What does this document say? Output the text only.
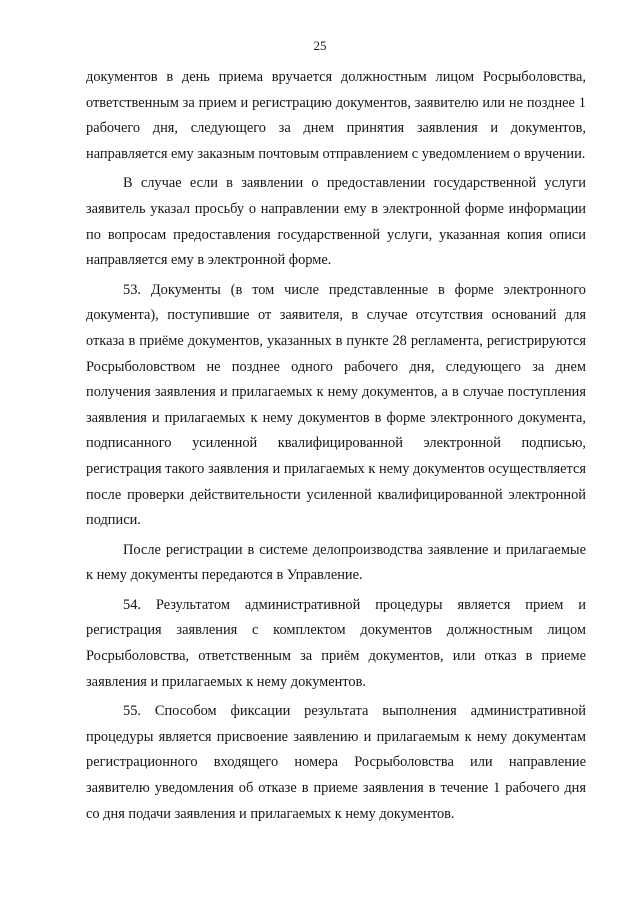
25

документов в день приема вручается должностным лицом Росрыболовства, ответственным за прием и регистрацию документов, заявителю или не позднее 1 рабочего дня, следующего за днем принятия заявления и документов, направляется ему заказным почтовым отправлением с уведомлением о вручении.

В случае если в заявлении о предоставлении государственной услуги заявитель указал просьбу о направлении ему в электронной форме информации по вопросам предоставления государственной услуги, указанная копия описи направляется ему в электронной форме.

53. Документы (в том числе представленные в форме электронного документа), поступившие от заявителя, в случае отсутствия оснований для отказа в приёме документов, указанных в пункте 28 регламента, регистрируются Росрыболовством не позднее одного рабочего дня, следующего за днем получения заявления и прилагаемых к нему документов, а в случае поступления заявления и прилагаемых к нему документов в форме электронного документа, подписанного усиленной квалифицированной электронной подписью, регистрация такого заявления и прилагаемых к нему документов осуществляется после проверки действительности усиленной квалифицированной электронной подписи.

После регистрации в системе делопроизводства заявление и прилагаемые к нему документы передаются в Управление.

54. Результатом административной процедуры является прием и регистрация заявления с комплектом документов должностным лицом Росрыболовства, ответственным за приём документов, или отказ в приеме заявления и прилагаемых к нему документов.

55. Способом фиксации результата выполнения административной процедуры является присвоение заявлению и прилагаемым к нему документам регистрационного входящего номера Росрыболовства или направление заявителю уведомления об отказе в приеме заявления в течение 1 рабочего дня со дня подачи заявления и прилагаемых к нему документов.
